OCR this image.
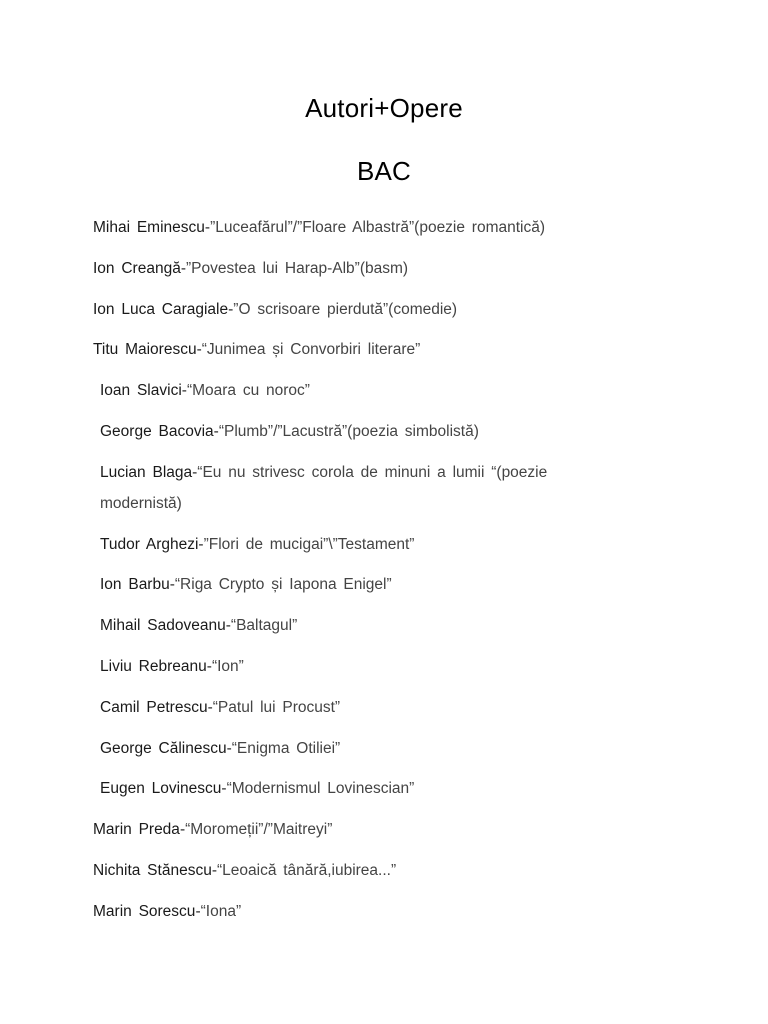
Autori+Opere
BAC
Mihai Eminescu-”Luceafărul”/”Floare Albastră”(poezie romantică)
Ion Creangă-”Povestea lui Harap-Alb”(basm)
Ion Luca Caragiale-”O scrisoare pierdută”(comedie)
Titu Maiorescu-“Junimea și Convorbiri literare”
Ioan Slavici-“Moara cu noroc”
George Bacovia-“Plumb”/”Lacustră”(poezia simbolistă)
Lucian Blaga-“Eu nu strivesc corola de minuni a lumii “(poezie modernistă)
Tudor Arghezi-”Flori de mucigai”\”Testament”
Ion Barbu-“Riga Crypto și Iapona Enigel”
Mihail Sadoveanu-“Baltagul”
Liviu Rebreanu-“Ion”
Camil Petrescu-“Patul lui Procust”
George Călinescu-“Enigma Otiliei”
Eugen Lovinescu-“Modernismul Lovinescian”
Marin Preda-“Moromeții”/”Maitreyi”
Nichita Stănescu-“Leoaică tânără,iubirea...”
Marin Sorescu-“Iona”
